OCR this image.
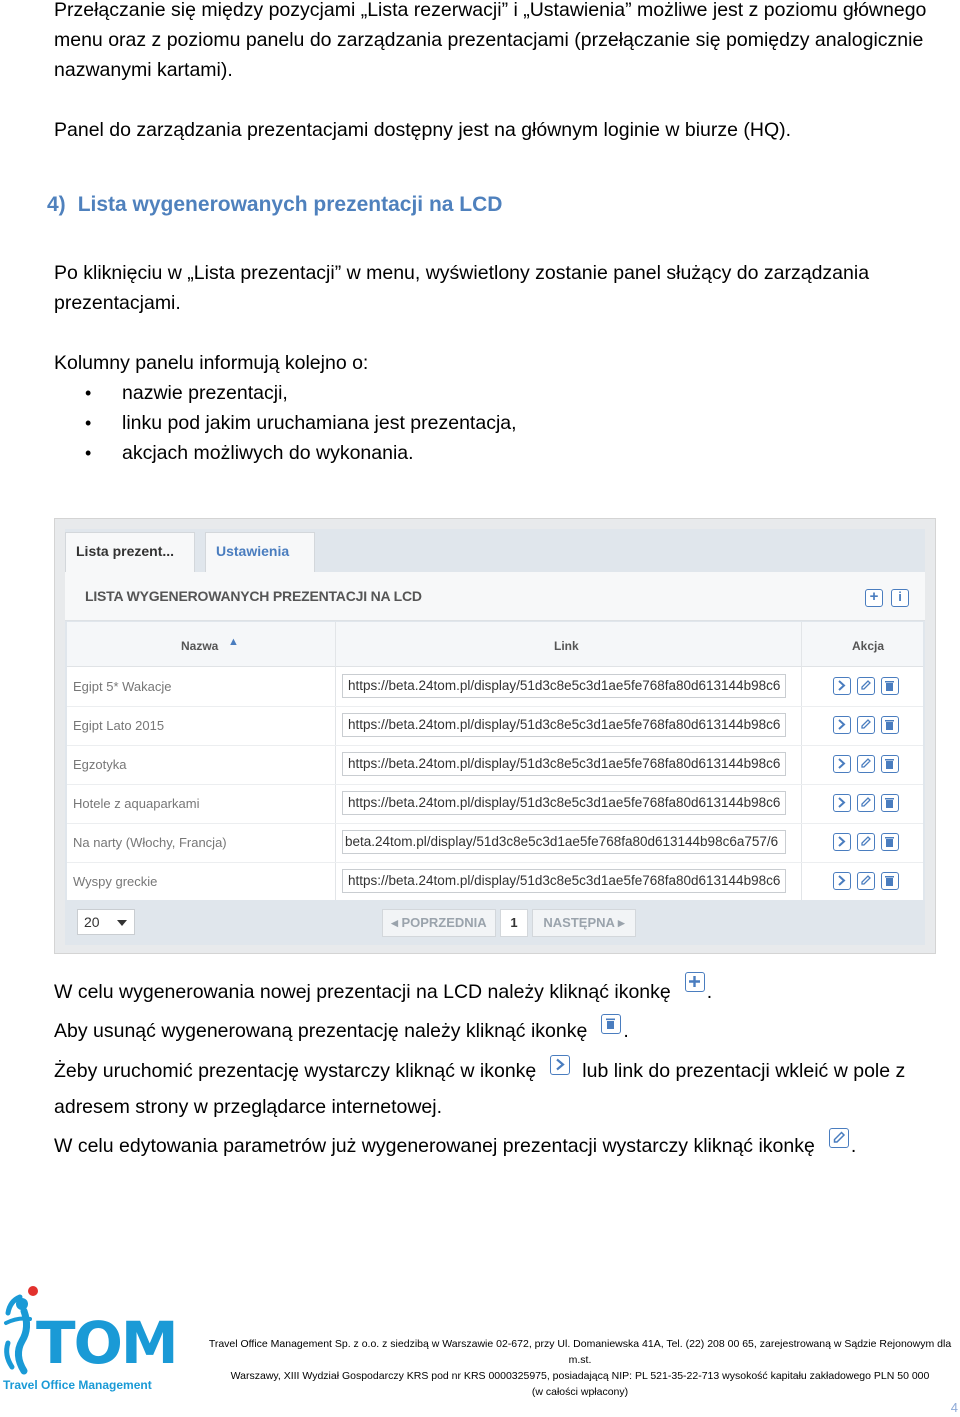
Przełączanie się między pozycjami „Lista rezerwacji” i „Ustawienia” możliwe jest z poziomu głównego menu oraz z poziomu panelu do zarządzania prezentacjami (przełączanie się pomiędzy analogicznie nazwanymi kartami).

Panel do zarządzania prezentacjami dostępny jest na głównym loginie w biurze (HQ).

4) Lista wygenerowanych prezentacji na LCD

Po kliknięciu w „Lista prezentacji” w menu, wyświetlony zostanie panel służący do zarządzania prezentacjami.

Kolumny panelu informują kolejno o:

• nazwie prezentacji,
• linku pod jakim uruchamiana jest prezentacja,
• akcjach możliwych do wykonania.
Lista prezent...	Ustawienia
LISTA WYGENEROWANYCH PREZENTACJI NA LCD	+	i
Nazwa ▲	Link	Akcja
Egipt 5* Wakacje	https://beta.24tom.pl/display/51d3c8e5c3d1ae5fe768fa80d613144b98c6
Egipt Lato 2015	https://beta.24tom.pl/display/51d3c8e5c3d1ae5fe768fa80d613144b98c6
Egzotyka	https://beta.24tom.pl/display/51d3c8e5c3d1ae5fe768fa80d613144b98c6
Hotele z aquaparkami	https://beta.24tom.pl/display/51d3c8e5c3d1ae5fe768fa80d613144b98c6
Na narty (Włochy, Francja)	beta.24tom.pl/display/51d3c8e5c3d1ae5fe768fa80d613144b98c6a757/6
Wyspy greckie	https://beta.24tom.pl/display/51d3c8e5c3d1ae5fe768fa80d613144b98c6
20	◂ POPRZEDNIA	1	NASTĘPNA ▸

W celu wygenerowania nowej prezentacji na LCD należy kliknąć ikonkę .

Aby usunąć wygenerowaną prezentację należy kliknąć ikonkę .

Żeby uruchomić prezentację wystarczy kliknąć w ikonkę lub link do prezentacji wkleić w pole z

adresem strony w przeglądarce internetowej.

W celu edytowania parametrów już wygenerowanej prezentacji wystarczy kliknąć ikonkę .

TOM
Travel Office Management
Travel Office Management Sp. z o.o. z siedzibą w Warszawie 02-672, przy Ul. Domaniewska 41A, Tel. (22) 208 00 65, zarejestrowaną w Sądzie Rejonowym dla m.st.
Warszawy, XIII Wydział Gospodarczy KRS pod nr KRS 0000325975, posiadającą NIP: PL 521-35-22-713 wysokość kapitału zakładowego PLN 50 000
(w całości wpłacony)
4
